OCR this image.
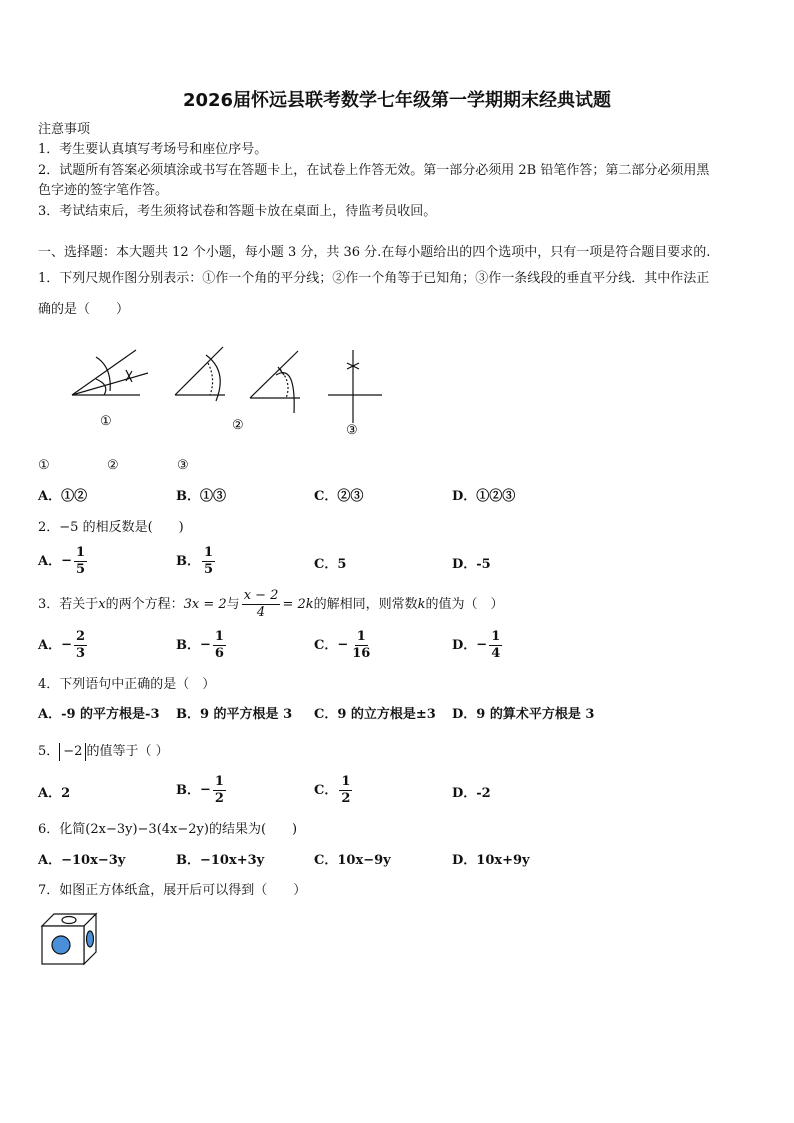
2026届怀远县联考数学七年级第一学期期末经典试题
注意事项
1．考生要认真填写考场号和座位序号。
2．试题所有答案必须填涂或书写在答题卡上，在试卷上作答无效。第一部分必须用 2B 铅笔作答；第二部分必须用黑
色字迹的签字笔作答。
3．考试结束后，考生须将试卷和答题卡放在桌面上，待监考员收回。
一、选择题：本大题共 12 个小题，每小题 3 分，共 36 分.在每小题给出的四个选项中，只有一项是符合题目要求的.
1．下列尺规作图分别表示：①作一个角的平分线；②作一个角等于已知角；③作一条线段的垂直平分线．其中作法正
确的是（　　）
①	②	③
①	②	③
A．①②	B．①③	C．②③	D．①②③
2．−5 的相反数是(　　)
A．− $\frac{1}{5}$	B． $\frac{1}{5}$	C．5	D．-5
3．若关于x的两个方程：3x = 2与 $\frac{x - 2}{4} = 2k$的解相同，则常数k的值为（　）
A．− $\frac{2}{3}$	B．− $\frac{1}{6}$	C．− $\frac{1}{16}$	D．− $\frac{1}{4}$
4．下列语句中正确的是（　）
A．-9 的平方根是-3 B．9 的平方根是 3 C．9 的立方根是±3 D．9 的算术平方根是 3
5． −2 的值等于（ ）
A．2	B．− $\frac{1}{2}$	C． $\frac{1}{2}$	D．-2
6．化简(2x−3y)−3(4x−2y)的结果为(　　)
A．−10x−3y	B．−10x+3y	C．10x−9y	D．10x+9y
7．如图正方体纸盒，展开后可以得到（　　）
